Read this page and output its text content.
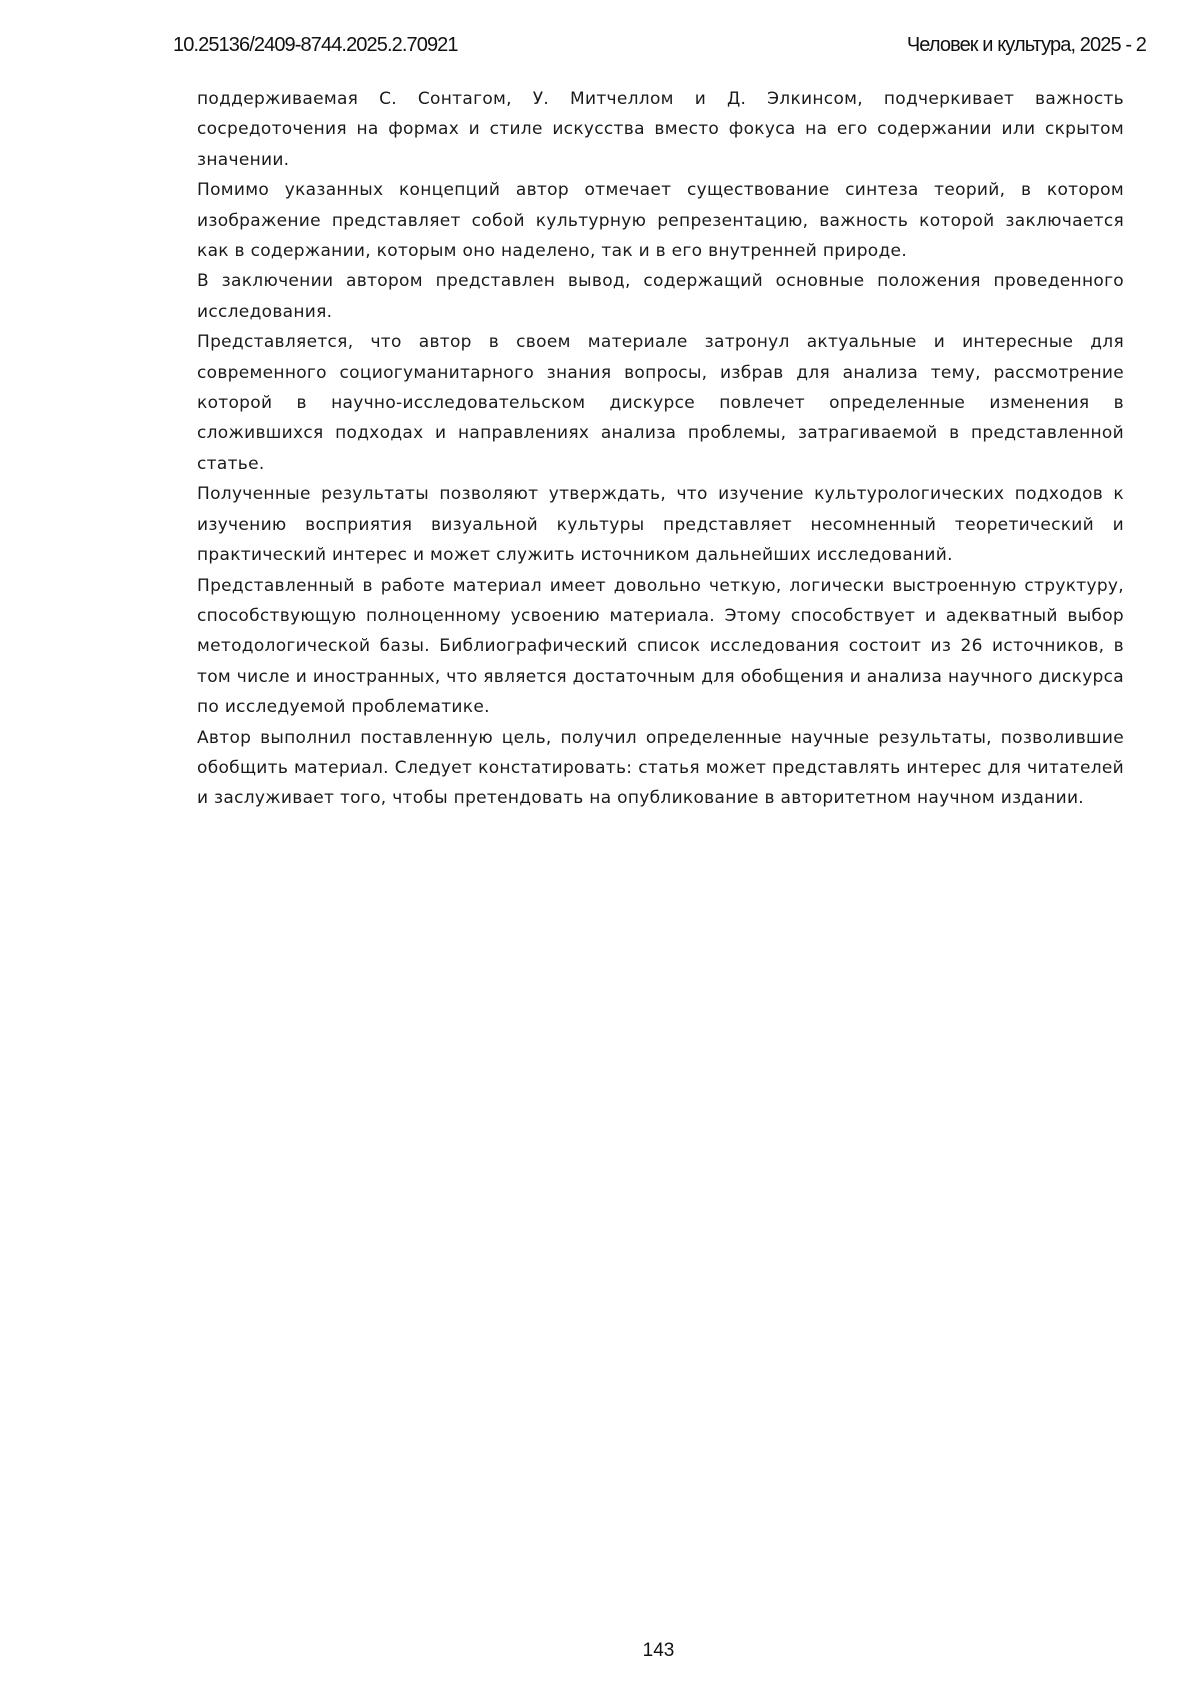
10.25136/2409-8744.2025.2.70921	Человек и культура, 2025 - 2

поддерживаемая С. Сонтагом, У. Митчеллом и Д. Элкинсом, подчеркивает важность сосредоточения на формах и стиле искусства вместо фокуса на его содержании или скрытом значении.

Помимо указанных концепций автор отмечает существование синтеза теорий, в котором изображение представляет собой культурную репрезентацию, важность которой заключается как в содержании, которым оно наделено, так и в его внутренней природе.

В заключении автором представлен вывод, содержащий основные положения проведенного исследования.

Представляется, что автор в своем материале затронул актуальные и интересные для современного социогуманитарного знания вопросы, избрав для анализа тему, рассмотрение которой в научно-исследовательском дискурсе повлечет определенные изменения в сложившихся подходах и направлениях анализа проблемы, затрагиваемой в представленной статье.

Полученные результаты позволяют утверждать, что изучение культурологических подходов к изучению восприятия визуальной культуры представляет несомненный теоретический и практический интерес и может служить источником дальнейших исследований.

Представленный в работе материал имеет довольно четкую, логически выстроенную структуру, способствующую полноценному усвоению материала. Этому способствует и адекватный выбор методологической базы. Библиографический список исследования состоит из 26 источников, в том числе и иностранных, что является достаточным для обобщения и анализа научного дискурса по исследуемой проблематике.

Автор выполнил поставленную цель, получил определенные научные результаты, позволившие обобщить материал. Следует констатировать: статья может представлять интерес для читателей и заслуживает того, чтобы претендовать на опубликование в авторитетном научном издании.

143
